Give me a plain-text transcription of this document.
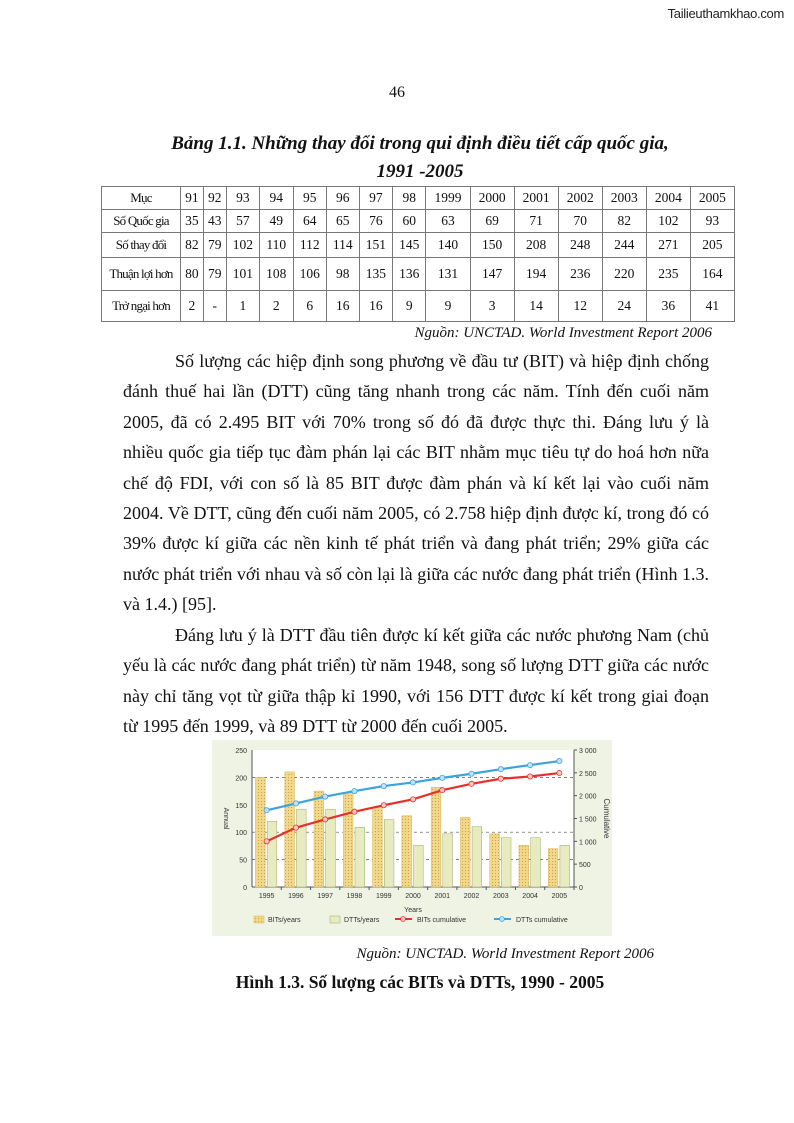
Tailieuthamkhao.com
46
Bảng 1.1. Những thay đổi trong qui định điều tiết cấp quốc gia,
1991 -2005
Mục	91	92	93	94	95	96	97	98	1999	2000	2001	2002	2003	2004	2005
Số Quốc gia	35	43	57	49	64	65	76	60	63	69	71	70	82	102	93
Số thay đổi	82	79	102	110	112	114	151	145	140	150	208	248	244	271	205
Thuận lợi hơn	80	79	101	108	106	98	135	136	131	147	194	236	220	235	164
Trở ngại hơn	2	-	1	2	6	16	16	9	9	3	14	12	24	36	41
Nguồn: UNCTAD. World Investment Report 2006

Số lượng các hiệp định song phương về đầu tư (BIT) và hiệp định chống đánh thuế hai lần (DTT) cũng tăng nhanh trong các năm. Tính đến cuối năm 2005, đã có 2.495 BIT với 70% trong số đó đã được thực thi. Đáng lưu ý là nhiều quốc gia tiếp tục đàm phán lại các BIT nhằm mục tiêu tự do hoá hơn nữa chế độ FDI, với con số là 85 BIT được đàm phán và kí kết lại vào cuối năm 2004. Về DTT, cũng đến cuối năm 2005, có 2.758 hiệp định được kí, trong đó có 39% được kí giữa các nền kinh tế phát triển và đang phát triển; 29% giữa các nước phát triển với nhau và số còn lại là giữa các nước đang phát triển (Hình 1.3. và 1.4.) [95].

Đáng lưu ý là DTT đầu tiên được kí kết giữa các nước phương Nam (chủ yếu là các nước đang phát triển) từ năm 1948, song số lượng DTT giữa các nước này chỉ tăng vọt từ giữa thập kỉ 1990, với 156 DTT được kí kết trong giai đoạn từ 1995 đến 1999, và 89 DTT từ 2000 đến cuối 2005.

0
50
100
150
200
250
0
500
1 000
1 500
2 000
2 500
3 000
Annual	Cumulative
Years
1995 1996 1997 1998 1999 2000 2001 2002 2003 2004 2005
BITs/years	DTTs/years	BITs cumulative	DTTs cumulative
Nguồn: UNCTAD. World Investment Report 2006
Hình 1.3. Số lượng các BITs và DTTs, 1990 - 2005
